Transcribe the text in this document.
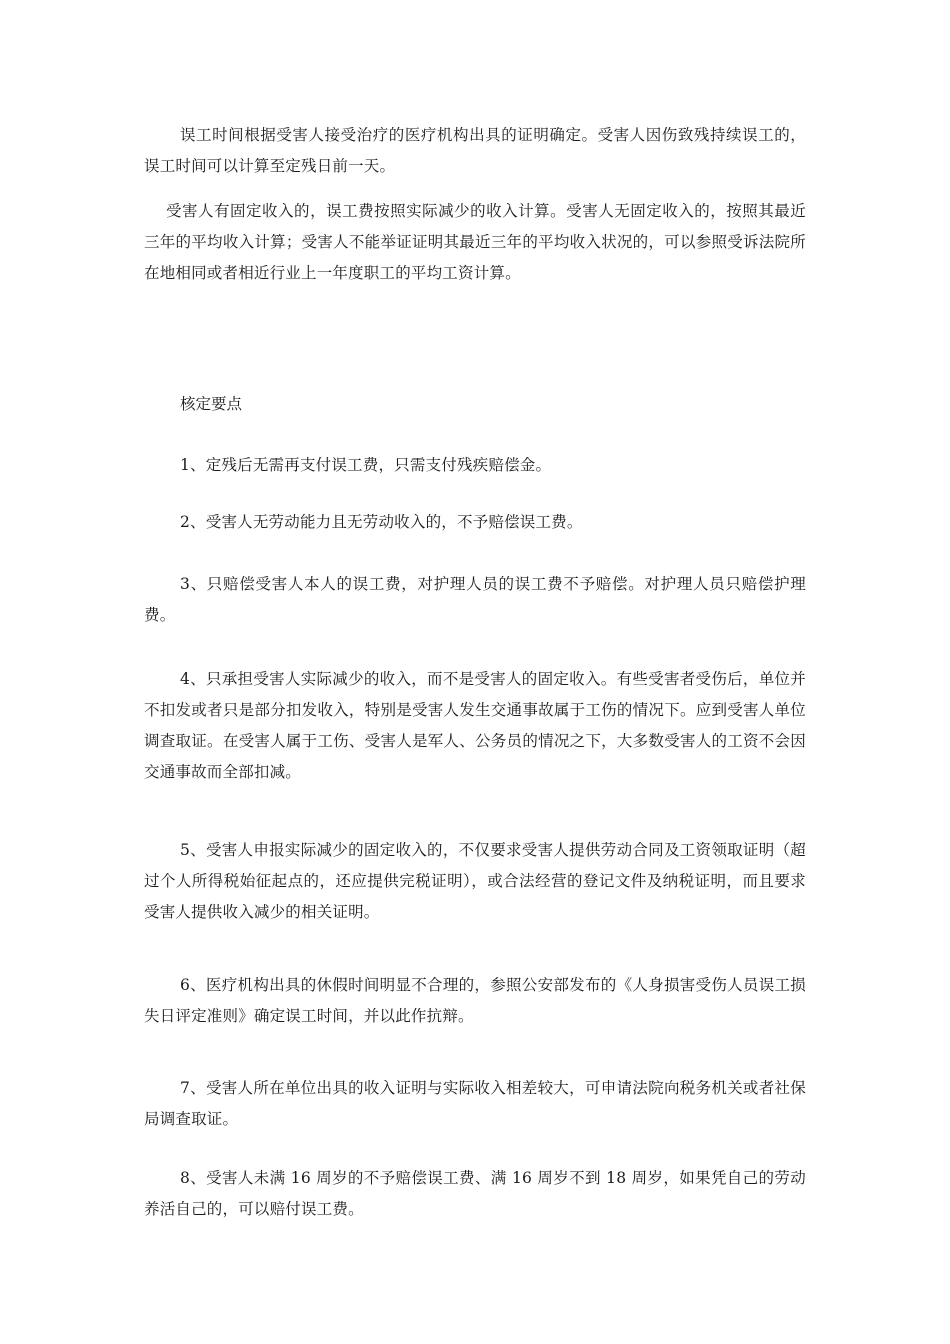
误工时间根据受害人接受治疗的医疗机构出具的证明确定。受害人因伤致残持续误工的，误工时间可以计算至定残日前一天。

受害人有固定收入的，误工费按照实际减少的收入计算。受害人无固定收入的，按照其最近三年的平均收入计算；受害人不能举证证明其最近三年的平均收入状况的，可以参照受诉法院所在地相同或者相近行业上一年度职工的平均工资计算。

核定要点

1、定残后无需再支付误工费，只需支付残疾赔偿金。

2、受害人无劳动能力且无劳动收入的，不予赔偿误工费。

3、只赔偿受害人本人的误工费，对护理人员的误工费不予赔偿。对护理人员只赔偿护理费。

4、只承担受害人实际减少的收入，而不是受害人的固定收入。有些受害者受伤后，单位并不扣发或者只是部分扣发收入，特别是受害人发生交通事故属于工伤的情况下。应到受害人单位调查取证。在受害人属于工伤、受害人是军人、公务员的情况之下，大多数受害人的工资不会因交通事故而全部扣减。

5、受害人申报实际减少的固定收入的，不仅要求受害人提供劳动合同及工资领取证明（超过个人所得税始征起点的，还应提供完税证明），或合法经营的登记文件及纳税证明，而且要求受害人提供收入减少的相关证明。

6、医疗机构出具的休假时间明显不合理的，参照公安部发布的《人身损害受伤人员误工损失日评定准则》确定误工时间，并以此作抗辩。

7、受害人所在单位出具的收入证明与实际收入相差较大，可申请法院向税务机关或者社保局调查取证。

8、受害人未满 16 周岁的不予赔偿误工费、满 16 周岁不到 18 周岁，如果凭自己的劳动养活自己的，可以赔付误工费。
